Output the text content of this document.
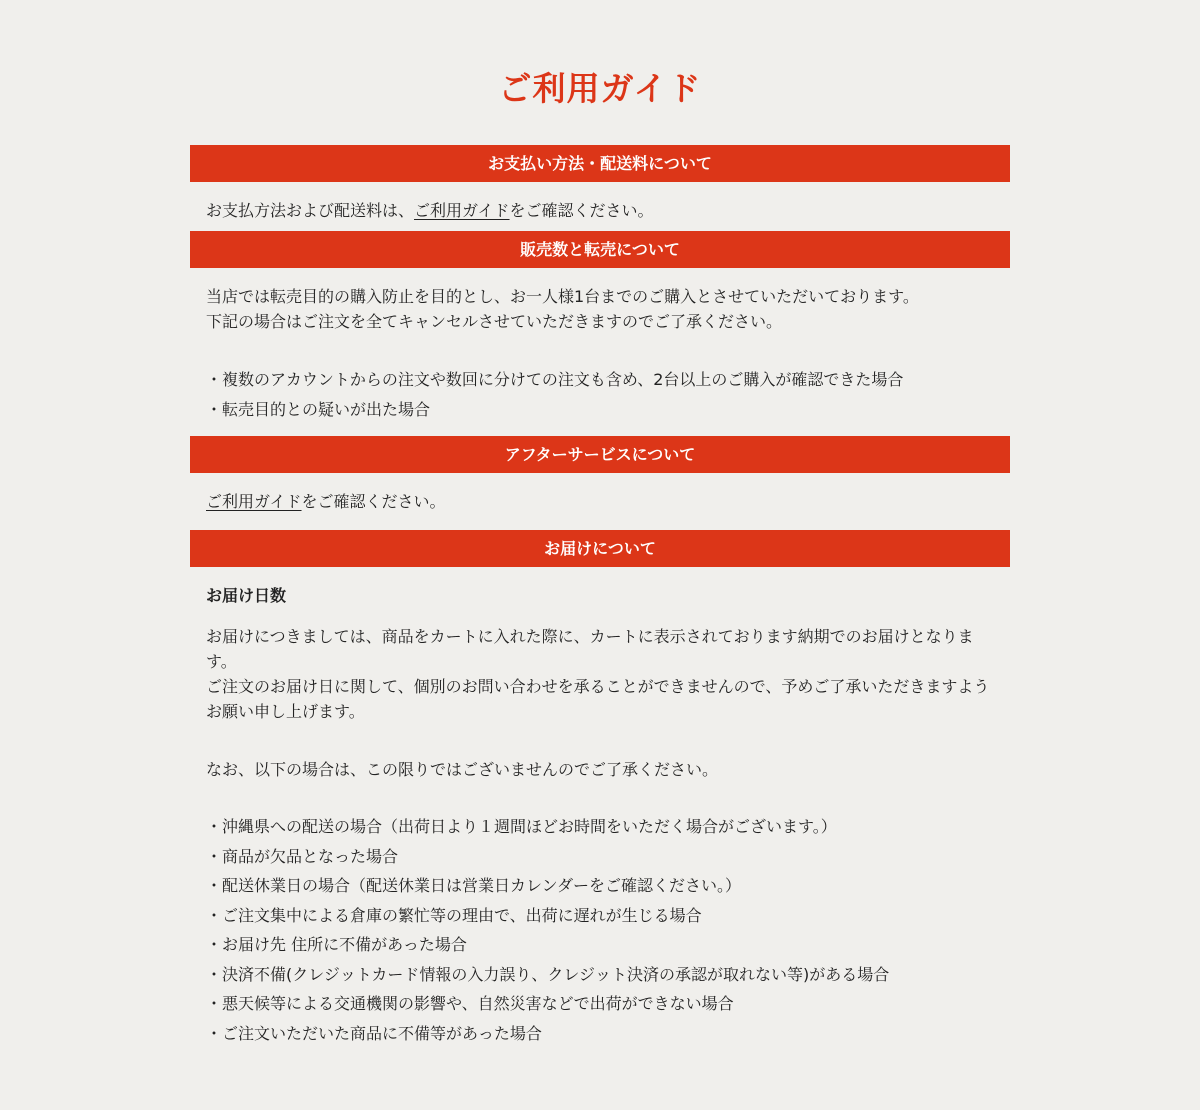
ご利用ガイド
お支払い方法・配送料について
お支払方法および配送料は、ご利用ガイドをご確認ください。
販売数と転売について
当店では転売目的の購入防止を目的とし、お一人様1台までのご購入とさせていただいております。
下記の場合はご注文を全てキャンセルさせていただきますのでご了承ください。
・複数のアカウントからの注文や数回に分けての注文も含め、2台以上のご購入が確認できた場合
・転売目的との疑いが出た場合
アフターサービスについて
ご利用ガイドをご確認ください。
お届けについて
お届け日数
お届けにつきましては、商品をカートに入れた際に、カートに表示されております納期でのお届けとなりま
す。
ご注文のお届け日に関して、個別のお問い合わせを承ることができませんので、予めご了承いただきますよう
お願い申し上げます。
なお、以下の場合は、この限りではございませんのでご了承ください。
・沖縄県への配送の場合（出荷日より１週間ほどお時間をいただく場合がございます。）
・商品が欠品となった場合
・配送休業日の場合（配送休業日は営業日カレンダーをご確認ください。）
・ご注文集中による倉庫の繁忙等の理由で、出荷に遅れが生じる場合
・お届け先 住所に不備があった場合
・決済不備(クレジットカード情報の入力誤り、クレジット決済の承認が取れない等)がある場合
・悪天候等による交通機関の影響や、自然災害などで出荷ができない場合
・ご注文いただいた商品に不備等があった場合
